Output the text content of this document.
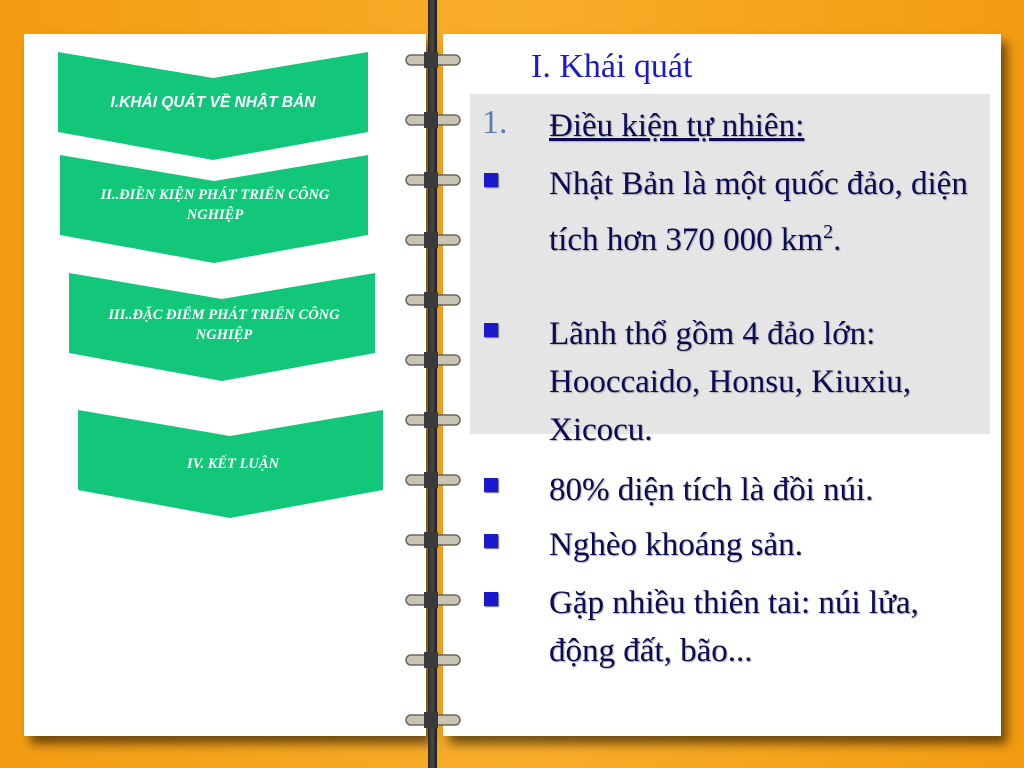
I.KHÁI QUÁT VỀ NHẬT BẢN
II..ĐIỀN KIỆN PHÁT TRIỂN CÔNG NGHIỆP
III..ĐẶC ĐIỂM PHÁT TRIỂN CÔNG NGHIỆP
IV. KẾT LUẬN
I. Khái quát
1. Điều kiện tự nhiên:
Nhật Bản là một quốc đảo, diện tích hơn 370 000 $km^2$.
Lãnh thổ gồm 4 đảo lớn: Hooccaido, Honsu, Kiuxiu, Xicocu.
80% diện tích là đồi núi.
Nghèo khoáng sản.
Gặp nhiều thiên tai: núi lửa, động đất, bão...
